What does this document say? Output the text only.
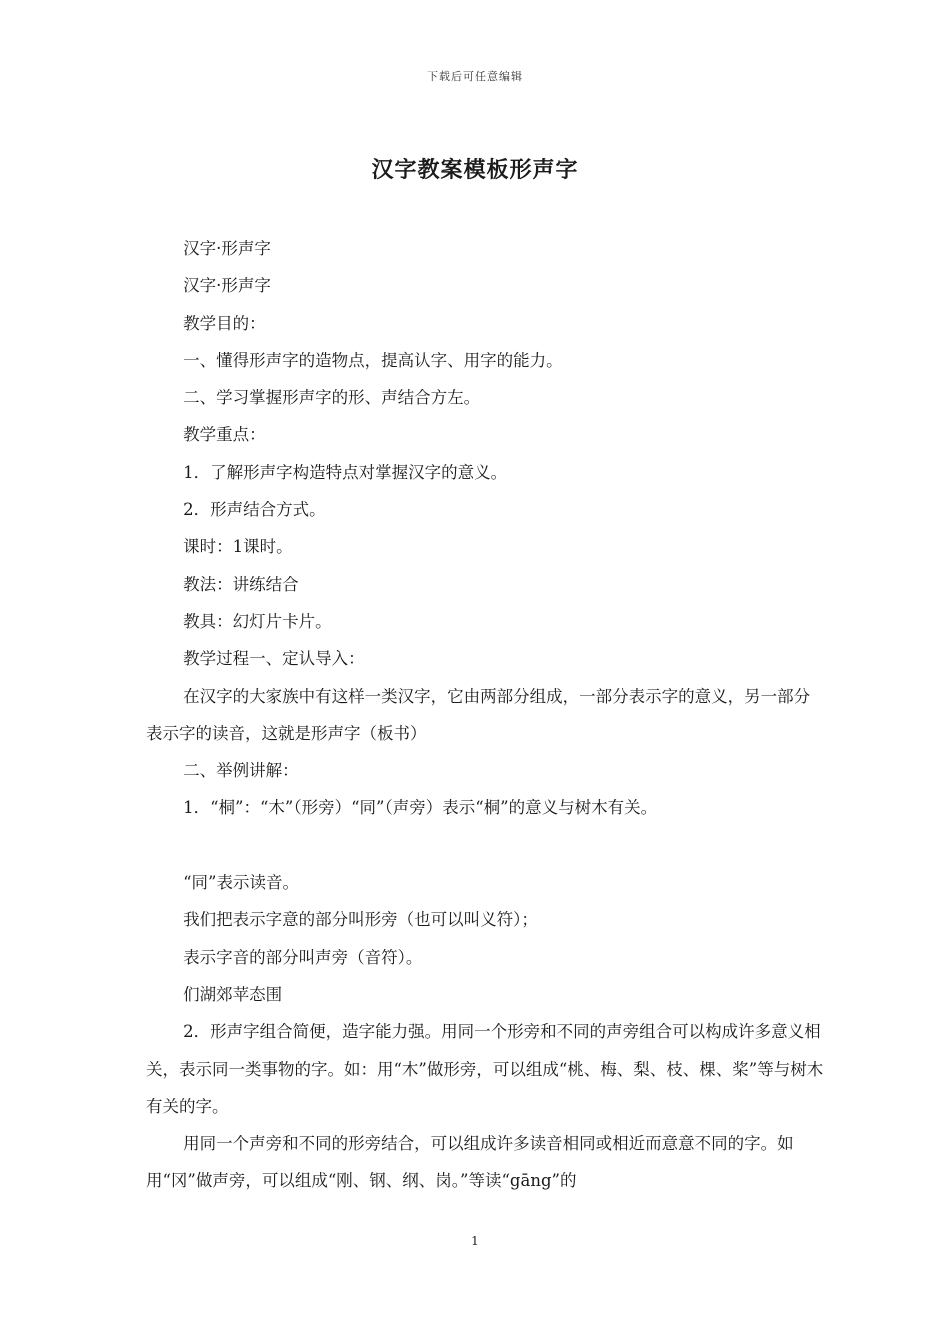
下载后可任意编辑
汉字教案模板形声字

汉字·形声字

汉字·形声字

教学目的：

一、懂得形声字的造物点，提高认字、用字的能力。

二、学习掌握形声字的形、声结合方左。

教学重点：

1．了解形声字构造特点对掌握汉字的意义。

2．形声结合方式。

课时：1课时。

教法：讲练结合

教具：幻灯片卡片。

教学过程一、定认导入：

在汉字的大家族中有这样一类汉字，它由两部分组成，一部分表示字的意义，另一部分表示字的读音，这就是形声字（板书）

二、举例讲解：

1．“桐”：“木”（形旁）“同”（声旁）表示“桐”的意义与树木有关。

“同”表示读音。

我们把表示字意的部分叫形旁（也可以叫义符）；

表示字音的部分叫声旁（音符）。

们湖郊苹态围

2．形声字组合简便，造字能力强。用同一个形旁和不同的声旁组合可以构成许多意义相关，表示同一类事物的字。如：用“木”做形旁，可以组成“桃、梅、梨、枝、棵、桨”等与树木有关的字。

用同一个声旁和不同的形旁结合，可以组成许多读音相同或相近而意意不同的字。如用“冈”做声旁，可以组成“刚、钢、纲、岗。”等读“gāng”的

1
